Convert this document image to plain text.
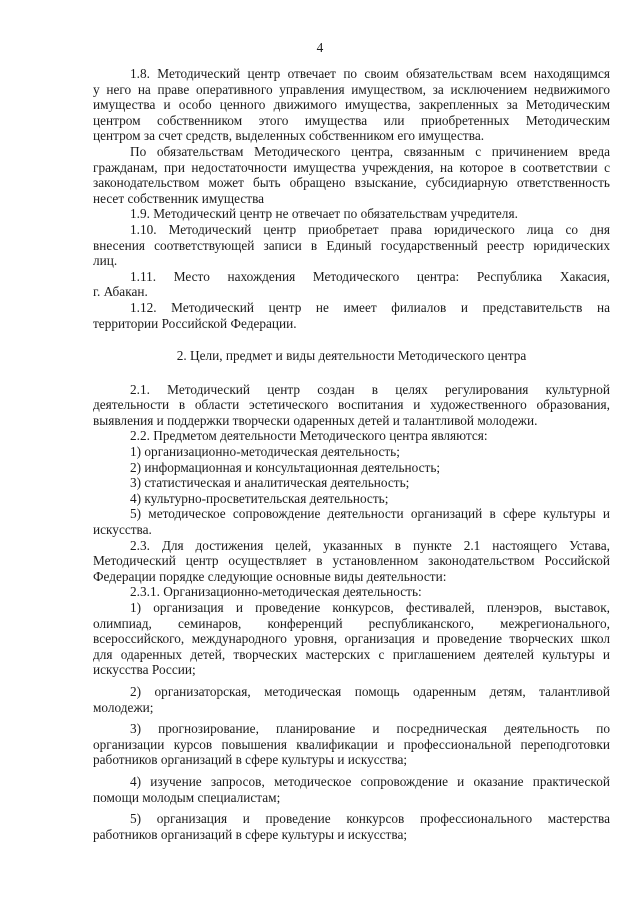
4
1.8. Методический центр отвечает по своим обязательствам всем находящимся
у него на праве оперативного управления имуществом, за исключением недвижимого
имущества и особо ценного движимого имущества, закрепленных за Методическим
центром собственником этого имущества или приобретенных Методическим
центром за счет средств, выделенных собственником его имущества.
По обязательствам Методического центра, связанным с причинением вреда
гражданам, при недостаточности имущества учреждения, на которое в соответствии с
законодательством может быть обращено взыскание, субсидиарную ответственность
несет собственник имущества
1.9. Методический центр не отвечает по обязательствам учредителя.
1.10. Методический центр приобретает права юридического лица со дня
внесения соответствующей записи в Единый государственный реестр юридических
лиц.
1.11. Место нахождения Методического центра: Республика Хакасия,
г. Абакан.
1.12. Методический центр не имеет филиалов и представительств на
территории Российской Федерации.
2. Цели, предмет и виды деятельности Методического центра
2.1. Методический центр создан в целях регулирования культурной
деятельности в области эстетического воспитания и художественного образования,
выявления и поддержки творчески одаренных детей и талантливой молодежи.
2.2. Предметом деятельности Методического центра являются:
1) организационно-методическая деятельность;
2) информационная и консультационная деятельность;
3) статистическая и аналитическая деятельность;
4) культурно-просветительская деятельность;
5) методическое сопровождение деятельности организаций в сфере культуры и
искусства.
2.3. Для достижения целей, указанных в пункте 2.1 настоящего Устава,
Методический центр осуществляет в установленном законодательством Российской
Федерации порядке следующие основные виды деятельности:
2.3.1. Организационно-методическая деятельность:
1) организация и проведение конкурсов, фестивалей, пленэров, выставок,
олимпиад, семинаров, конференций республиканского, межрегионального,
всероссийского, международного уровня, организация и проведение творческих школ
для одаренных детей, творческих мастерских с приглашением деятелей культуры и
искусства России;
2) организаторская, методическая помощь одаренным детям, талантливой
молодежи;
3) прогнозирование, планирование и посредническая деятельность по
организации курсов повышения квалификации и профессиональной переподготовки
работников организаций в сфере культуры и искусства;
4) изучение запросов, методическое сопровождение и оказание практической
помощи молодым специалистам;
5) организация и проведение конкурсов профессионального мастерства
работников организаций в сфере культуры и искусства;
